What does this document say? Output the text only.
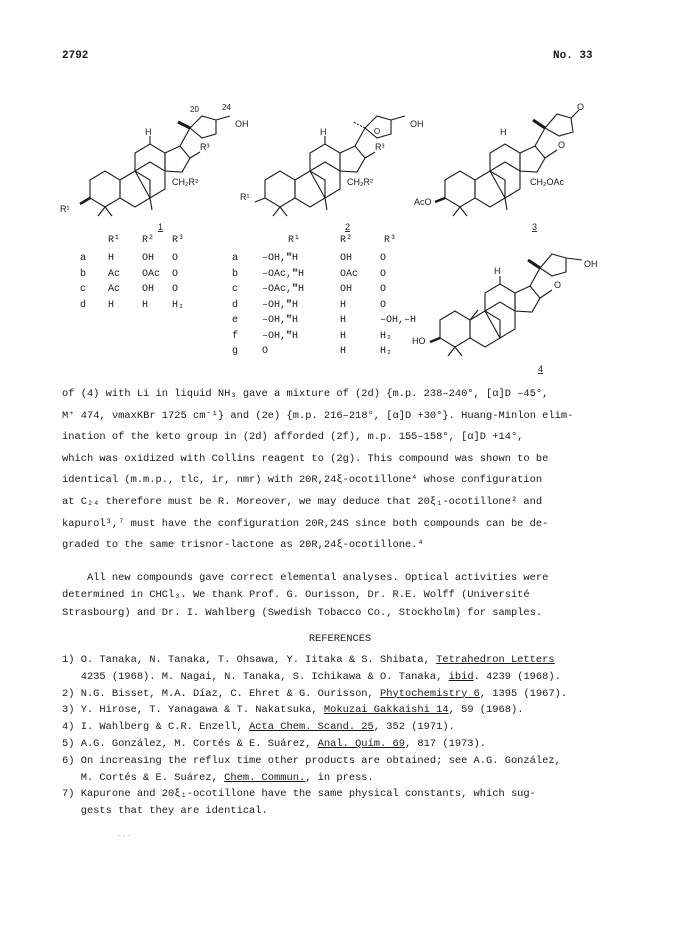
2792	No. 33
20	24
OH
H
R³
CH₂R²
R¹
1
OH
O
H
R³
CH₂R²
R¹
2
O
O
H
CH₂OAc
AcO
3
OH
O
H
HO
4
R¹ R² R³
a H	OH O
b Ac OAc O
c Ac OH O
d H	H H₂
R¹	R²	R³
a –OH,‴H	OH	O
b –OAc,‴H	OAc O
c –OAc,‴H	OH	O
d –OH,‴H	H	O
e –OH,‴H	H	–OH,–H
f –OH,‴H	H	H₂
g O	H	H₂
of (4) with Li in liquid NH₃ gave a mixture of (2d) {m.p. 238–240°, [α]D –45°,
M⁺ 474, νmaxKBr 1725 cm⁻¹} and (2e) {m.p. 216–218°, [α]D +30°}. Huang-Minlon elim-
ination of the keto group in (2d) afforded (2f), m.p. 155–158°, [α]D +14°,
which was oxidized with Collins reagent to (2g). This compound was shown to be
identical (m.m.p., tlc, ir, nmr) with 20R,24ξ-ocotillone⁴ whose configuration
at C₂₄ therefore must be R. Moreover, we may deduce that 20ξ₁-ocotillone² and
kapurol³,⁷ must have the configuration 20R,24S since both compounds can be de-
graded to the same trisnor-lactone as 20R,24ξ-ocotillone.⁴
All new compounds gave correct elemental analyses. Optical activities were
determined in CHCl₃. We thank Prof. G. Ourisson, Dr. R.E. Wolff (Université
Strasbourg) and Dr. I. Wahlberg (Swedish Tobacco Co., Stockholm) for samples.
REFERENCES
1) O. Tanaka, N. Tanaka, T. Ohsawa, Y. Iitaka & S. Shibata, Tetrahedron Letters
4235 (1968). M. Nagai, N. Tanaka, S. Ichikawa & O. Tanaka, ibid. 4239 (1968).
2) N.G. Bisset, M.A. Díaz, C. Ehret & G. Ourisson, Phytochemistry 6, 1395 (1967).
3) Y. Hirose, T. Yanagawa & T. Nakatsuka, Mokuzai Gakkaishi 14, 59 (1968).
4) I. Wahlberg & C.R. Enzell, Acta Chem. Scand. 25, 352 (1971).
5) A.G. González, M. Cortés & E. Suárez, Anal. Quím. 69, 817 (1973).
6) On increasing the reflux time other products are obtained; see A.G. González,
M. Cortés & E. Suárez, Chem. Commun., in press.
7) Kapurone and 20ξ₁-ocotillone have the same physical constants, which sug-
gests that they are identical.
‐·‐
